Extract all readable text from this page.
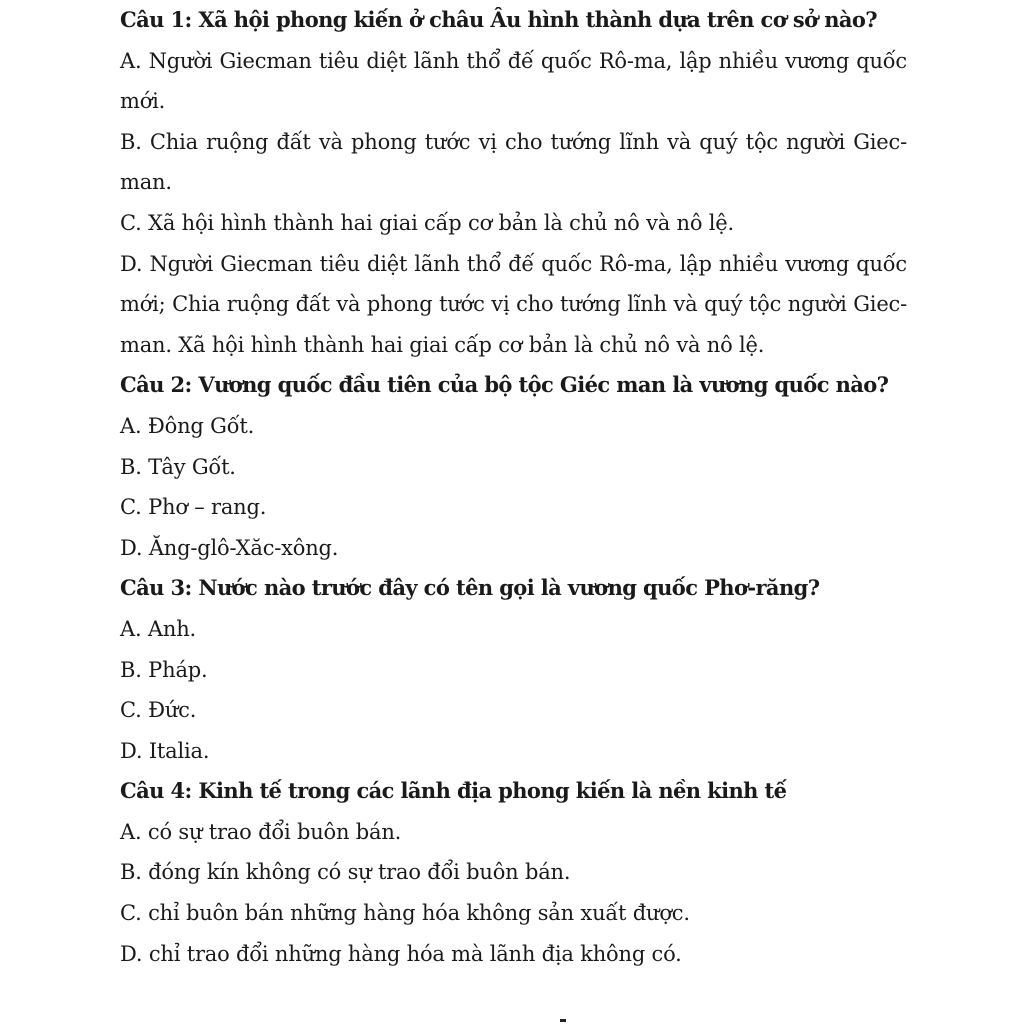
Câu 1: Xã hội phong kiến ở châu Âu hình thành dựa trên cơ sở nào?
A. Người Giecman tiêu diệt lãnh thổ đế quốc Rô-ma, lập nhiều vương quốc mới.
B. Chia ruộng đất và phong tước vị cho tướng lĩnh và quý tộc người Giec-man.
C. Xã hội hình thành hai giai cấp cơ bản là chủ nô và nô lệ.
D. Người Giecman tiêu diệt lãnh thổ đế quốc Rô-ma, lập nhiều vương quốc mới; Chia ruộng đất và phong tước vị cho tướng lĩnh và quý tộc người Giec-man. Xã hội hình thành hai giai cấp cơ bản là chủ nô và nô lệ.
Câu 2: Vương quốc đầu tiên của bộ tộc Giéc man là vương quốc nào?
A. Đông Gốt.
B. Tây Gốt.
C. Phơ – rang.
D. Ăng-glô-Xăc-xông.
Câu 3: Nước nào trước đây có tên gọi là vương quốc Phơ-răng?
A. Anh.
B. Pháp.
C. Đức.
D. Italia.
Câu 4: Kinh tế trong các lãnh địa phong kiến là nền kinh tế
A. có sự trao đổi buôn bán.
B. đóng kín không có sự trao đổi buôn bán.
C. chỉ buôn bán những hàng hóa không sản xuất được.
D. chỉ trao đổi những hàng hóa mà lãnh địa không có.
